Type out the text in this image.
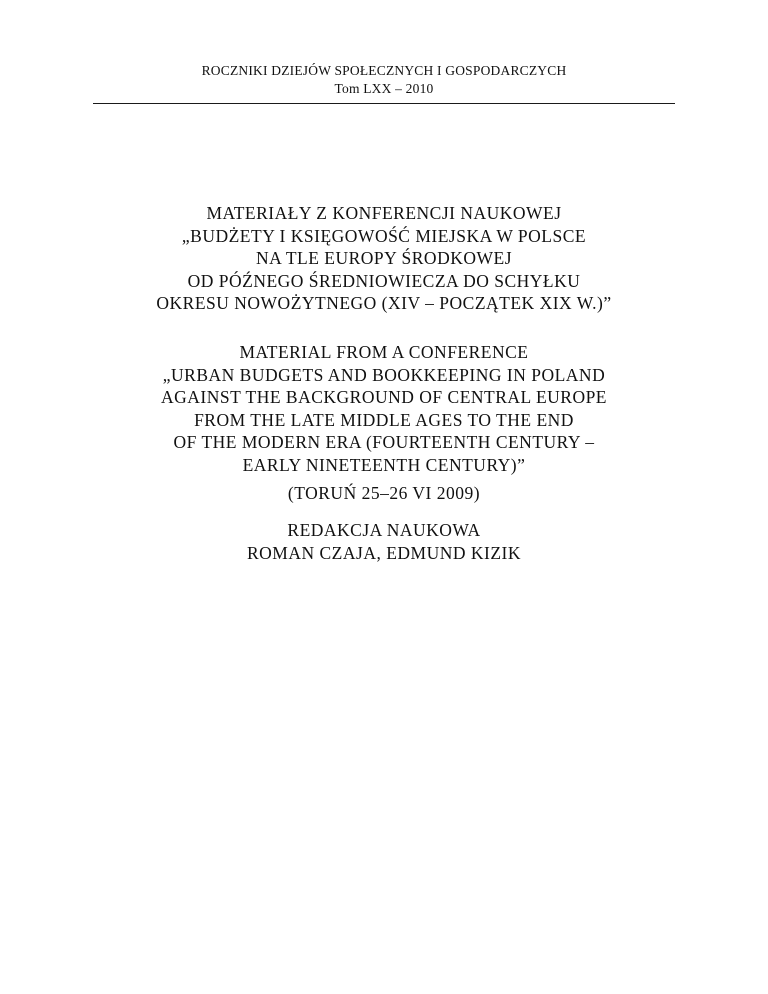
ROCZNIKI DZIEJÓW SPOŁECZNYCH I GOSPODARCZYCH
Tom LXX – 2010
MATERIAŁY Z KONFERENCJI NAUKOWEJ
„BUDŻETY I KSIĘGOWOŚĆ MIEJSKA W POLSCE
NA TLE EUROPY ŚRODKOWEJ
OD PÓŹNEGO ŚREDNIOWIECZA DO SCHYŁKU
OKRESU NOWOŻYTNEGO (XIV – POCZĄTEK XIX W.)”
MATERIAL FROM A CONFERENCE
„URBAN BUDGETS AND BOOKKEEPING IN POLAND
AGAINST THE BACKGROUND OF CENTRAL EUROPE
FROM THE LATE MIDDLE AGES TO THE END
OF THE MODERN ERA (FOURTEENTH CENTURY –
EARLY NINETEENTH CENTURY)”
(TORUŃ 25–26 VI 2009)
REDAKCJA NAUKOWA
ROMAN CZAJA, EDMUND KIZIK
